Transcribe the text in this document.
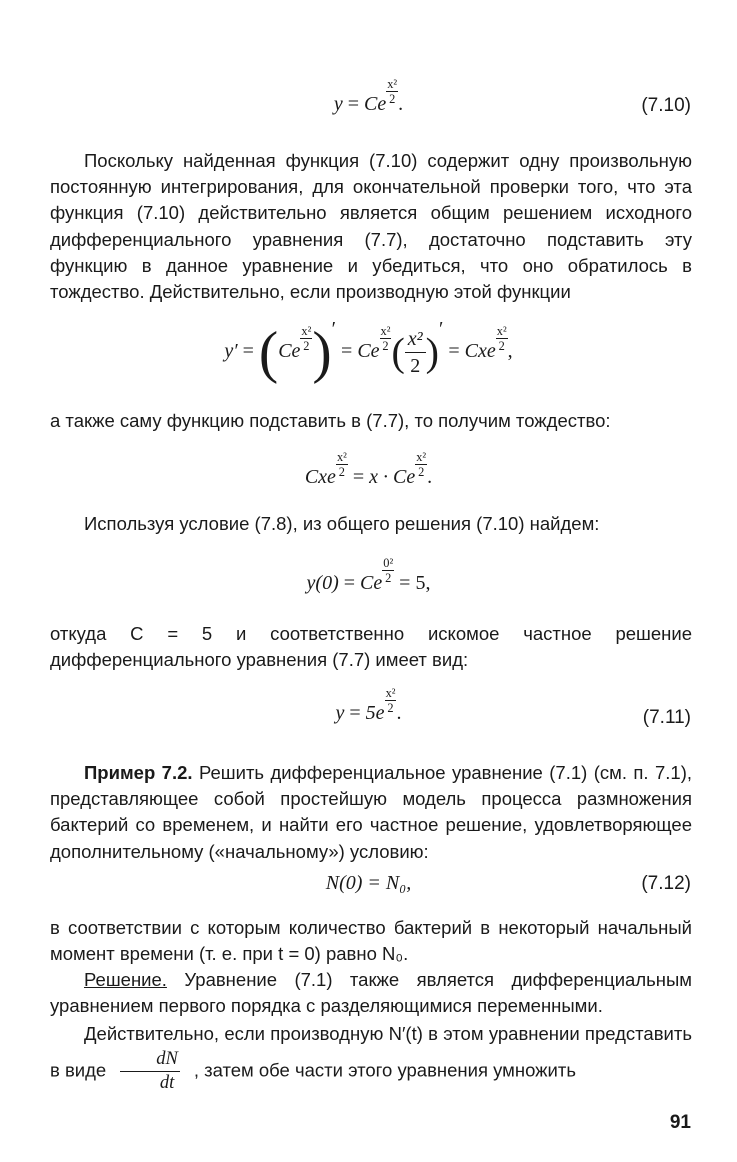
y = Ce $\frac{\text{x²}}{2}$ .	(7.10)

Поскольку найденная функция (7.10) содержит одну произвольную постоянную интегрирования, для окончательной проверки того, что эта функция (7.10) действительно является общим решением исходного дифференциального уравнения (7.7), достаточно подставить эту функцию в данное уравнение и убедиться, что оно обратилось в тождество. Действительно, если производную этой функции

$y' = (Ce \frac{\text{x²}}{2}$ )′ = Ce $\frac{\text{x²}}{2}$ ( $\frac{\text{x²}}{2}$ )′ = Cxe $\frac{\text{x²}}{2}$ ,

а также саму функцию подставить в (7.7), то получим тождество:

Cxe $\frac{\text{x²}}{2} = x \cdot Ce \frac{\text{x²}}{2}$ .

Используя условие (7.8), из общего решения (7.10) найдем:

y(0) = Ce $\frac{\text{0²}}{2} = 5$,

откуда C = 5 и соответственно искомое частное решение дифференциального уравнения (7.7) имеет вид:

$y = 5e \frac{\text{x²}}{2}$ .	(7.11)

Пример 7.2. Решить дифференциальное уравнение (7.1) (см. п. 7.1), представляющее собой простейшую модель процесса размножения бактерий со временем, и найти его частное решение, удовлетворяющее дополнительному («начальному») условию:

N(0) = N₀,	(7.12)

в соответствии с которым количество бактерий в некоторый начальный момент времени (т. е. при t = 0) равно N₀.

Решение. Уравнение (7.1) также является дифференциальным уравнением первого порядка с разделяющимися переменными.

Действительно, если производную N′(t) в этом уравнении представить в виде $\frac{dN}{dt}$ , затем обе части этого уравнения умножить

91
